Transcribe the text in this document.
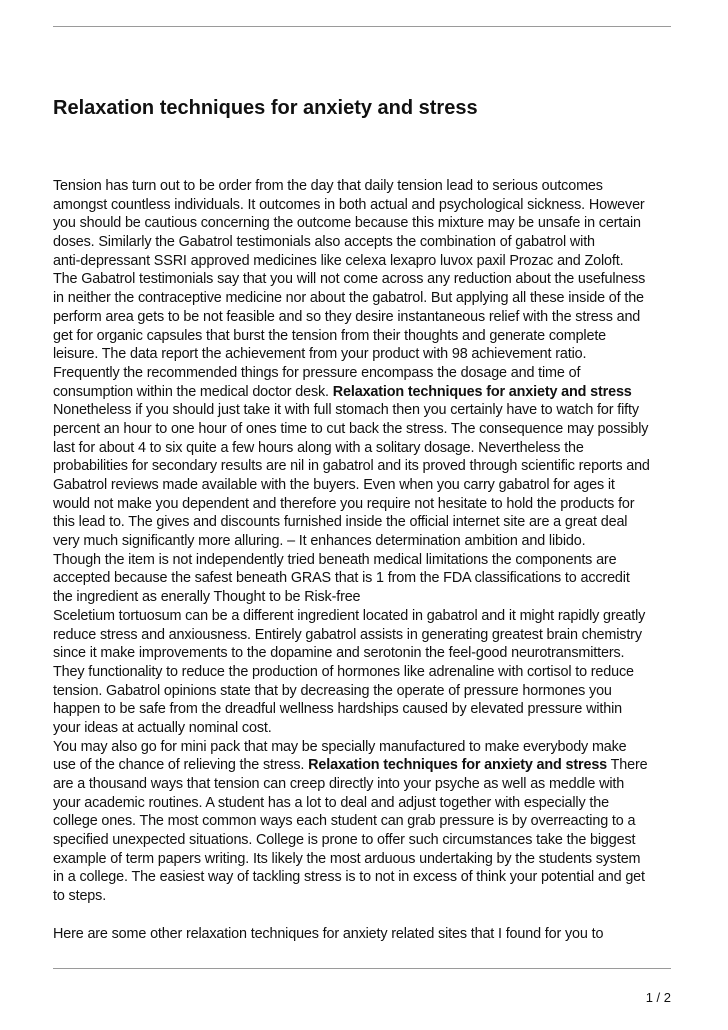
Relaxation techniques for anxiety and stress
Tension has turn out to be order from the day that daily tension lead to serious outcomes
amongst countless individuals. It outcomes in both actual and psychological sickness. However
you should be cautious concerning the outcome because this mixture may be unsafe in certain
doses. Similarly the Gabatrol testimonials also accepts the combination of gabatrol with
anti-depressant SSRI approved medicines like celexa lexapro luvox paxil Prozac and Zoloft.
The Gabatrol testimonials say that you will not come across any reduction about the usefulness
in neither the contraceptive medicine nor about the gabatrol. But applying all these inside of the
perform area gets to be not feasible and so they desire instantaneous relief with the stress and
get for organic capsules that burst the tension from their thoughts and generate complete
leisure. The data report the achievement from your product with 98 achievement ratio.
Frequently the recommended things for pressure encompass the dosage and time of
consumption within the medical doctor desk. Relaxation techniques for anxiety and stress
Nonetheless if you should just take it with full stomach then you certainly have to watch for fifty
percent an hour to one hour of ones time to cut back the stress. The consequence may possibly
last for about 4 to six quite a few hours along with a solitary dosage. Nevertheless the
probabilities for secondary results are nil in gabatrol and its proved through scientific reports and
Gabatrol reviews made available with the buyers. Even when you carry gabatrol for ages it
would not make you dependent and therefore you require not hesitate to hold the products for
this lead to. The gives and discounts furnished inside the official internet site are a great deal
very much significantly more alluring. – It enhances determination ambition and libido.
Though the item is not independently tried beneath medical limitations the components are
accepted because the safest beneath GRAS that is 1 from the FDA classifications to accredit
the ingredient as enerally Thought to be Risk-free
Sceletium tortuosum can be a different ingredient located in gabatrol and it might rapidly greatly
reduce stress and anxiousness. Entirely gabatrol assists in generating greatest brain chemistry
since it make improvements to the dopamine and serotonin the feel-good neurotransmitters.
They functionality to reduce the production of hormones like adrenaline with cortisol to reduce
tension. Gabatrol opinions state that by decreasing the operate of pressure hormones you
happen to be safe from the dreadful wellness hardships caused by elevated pressure within
your ideas at actually nominal cost.
You may also go for mini pack that may be specially manufactured to make everybody make
use of the chance of relieving the stress. Relaxation techniques for anxiety and stress There
are a thousand ways that tension can creep directly into your psyche as well as meddle with
your academic routines. A student has a lot to deal and adjust together with especially the
college ones. The most common ways each student can grab pressure is by overreacting to a
specified unexpected situations. College is prone to offer such circumstances take the biggest
example of term papers writing. Its likely the most arduous undertaking by the students system
in a college. The easiest way of tackling stress is to not in excess of think your potential and get
to steps.
Here are some other relaxation techniques for anxiety related sites that I found for you to
1 / 2
